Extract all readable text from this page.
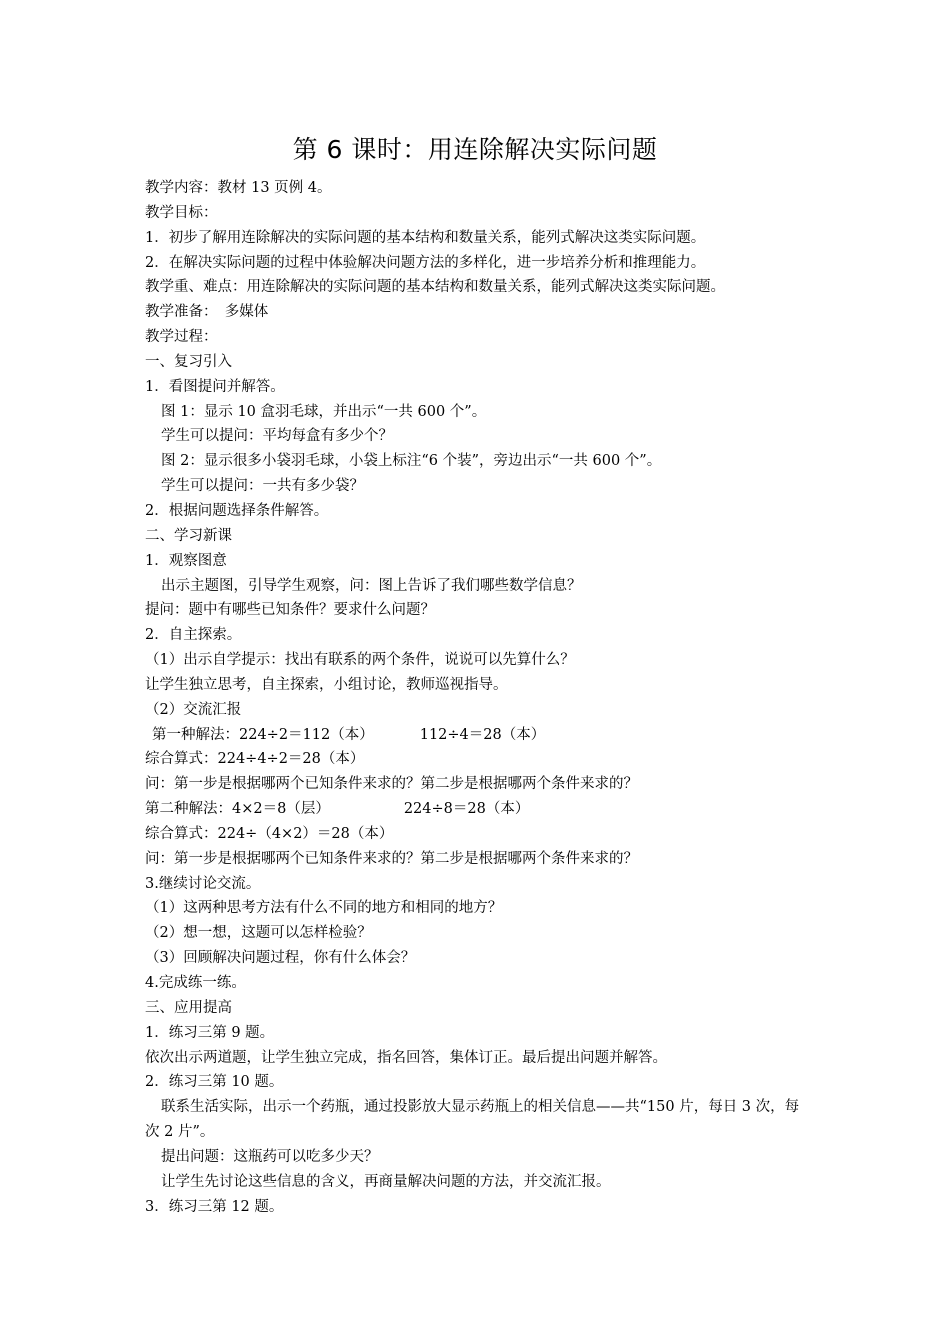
第 6 课时：用连除解决实际问题
教学内容：教材 13 页例 4。
教学目标：
1．初步了解用连除解决的实际问题的基本结构和数量关系，能列式解决这类实际问题。
2．在解决实际问题的过程中体验解决问题方法的多样化，进一步培养分析和推理能力。
教学重、难点：用连除解决的实际问题的基本结构和数量关系，能列式解决这类实际问题。
教学准备：　多媒体
教学过程：
一、复习引入
1．看图提问并解答。
图 1：显示 10 盒羽毛球，并出示“一共 600 个”。
学生可以提问：平均每盒有多少个？
图 2：显示很多小袋羽毛球，小袋上标注“6 个装”，旁边出示“一共 600 个”。
学生可以提问：一共有多少袋？
2．根据问题选择条件解答。
二、学习新课
1．观察图意
出示主题图，引导学生观察，问：图上告诉了我们哪些数学信息？
提问：题中有哪些已知条件？要求什么问题？
2．自主探索。
（1）出示自学提示：找出有联系的两个条件，说说可以先算什么？
让学生独立思考，自主探索，小组讨论，教师巡视指导。
（2）交流汇报
第一种解法：224÷2＝112（本）	112÷4＝28（本）
综合算式：224÷4÷2＝28（本）
问：第一步是根据哪两个已知条件来求的？第二步是根据哪两个条件来求的？
第二种解法：4×2＝8（层）	224÷8＝28（本）
综合算式：224÷（4×2）＝28（本）
问：第一步是根据哪两个已知条件来求的？第二步是根据哪两个条件来求的？
3.继续讨论交流。
（1）这两种思考方法有什么不同的地方和相同的地方？
（2）想一想，这题可以怎样检验？
（3）回顾解决问题过程，你有什么体会？
4.完成练一练。
三、应用提高
1．练习三第 9 题。
依次出示两道题，让学生独立完成，指名回答，集体订正。最后提出问题并解答。
2．练习三第 10 题。
联系生活实际，出示一个药瓶，通过投影放大显示药瓶上的相关信息——共“150 片，每日 3 次，每次 2 片”。
提出问题：这瓶药可以吃多少天？
让学生先讨论这些信息的含义，再商量解决问题的方法，并交流汇报。
3．练习三第 12 题。
